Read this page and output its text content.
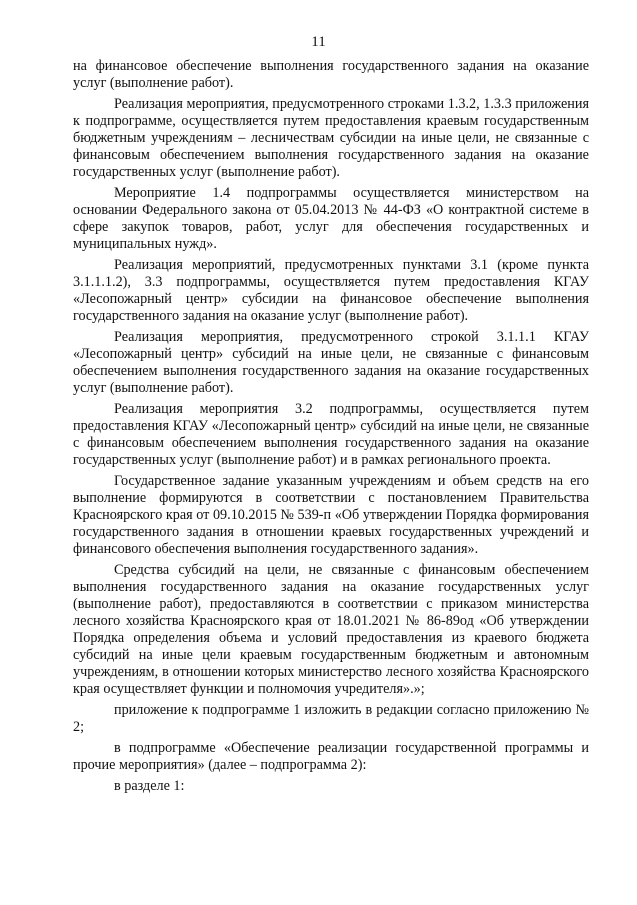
11

на финансовое обеспечение выполнения государственного задания на оказание услуг (выполнение работ).

Реализация мероприятия, предусмотренного строками 1.3.2, 1.3.3 приложения к подпрограмме, осуществляется путем предоставления краевым государственным бюджетным учреждениям – лесничествам субсидии на иные цели, не связанные с финансовым обеспечением выполнения государственного задания на оказание государственных услуг (выполнение работ).

Мероприятие 1.4 подпрограммы осуществляется министерством на основании Федерального закона от 05.04.2013 № 44-ФЗ «О контрактной системе в сфере закупок товаров, работ, услуг для обеспечения государственных и муниципальных нужд».

Реализация мероприятий, предусмотренных пунктами 3.1 (кроме пункта 3.1.1.1.2), 3.3 подпрограммы, осуществляется путем предоставления КГАУ «Лесопожарный центр» субсидии на финансовое обеспечение выполнения государственного задания на оказание услуг (выполнение работ).

Реализация мероприятия, предусмотренного строкой 3.1.1.1 КГАУ «Лесопожарный центр» субсидий на иные цели, не связанные с финансовым обеспечением выполнения государственного задания на оказание государственных услуг (выполнение работ).

Реализация мероприятия 3.2 подпрограммы, осуществляется путем предоставления КГАУ «Лесопожарный центр» субсидий на иные цели, не связанные с финансовым обеспечением выполнения государственного задания на оказание государственных услуг (выполнение работ) и в рамках регионального проекта.

Государственное задание указанным учреждениям и объем средств на его выполнение формируются в соответствии с постановлением Правительства Красноярского края от 09.10.2015 № 539-п «Об утверждении Порядка формирования государственного задания в отношении краевых государственных учреждений и финансового обеспечения выполнения государственного задания».

Средства субсидий на цели, не связанные с финансовым обеспечением выполнения государственного задания на оказание государственных услуг (выполнение работ), предоставляются в соответствии с приказом министерства лесного хозяйства Красноярского края от 18.01.2021 № 86-89од «Об утверждении Порядка определения объема и условий предоставления из краевого бюджета субсидий на иные цели краевым государственным бюджетным и автономным учреждениям, в отношении которых министерство лесного хозяйства Красноярского края осуществляет функции и полномочия учредителя».»;

приложение к подпрограмме 1 изложить в редакции согласно приложению № 2;

в подпрограмме «Обеспечение реализации государственной программы и прочие мероприятия» (далее – подпрограмма 2):

в разделе 1:
